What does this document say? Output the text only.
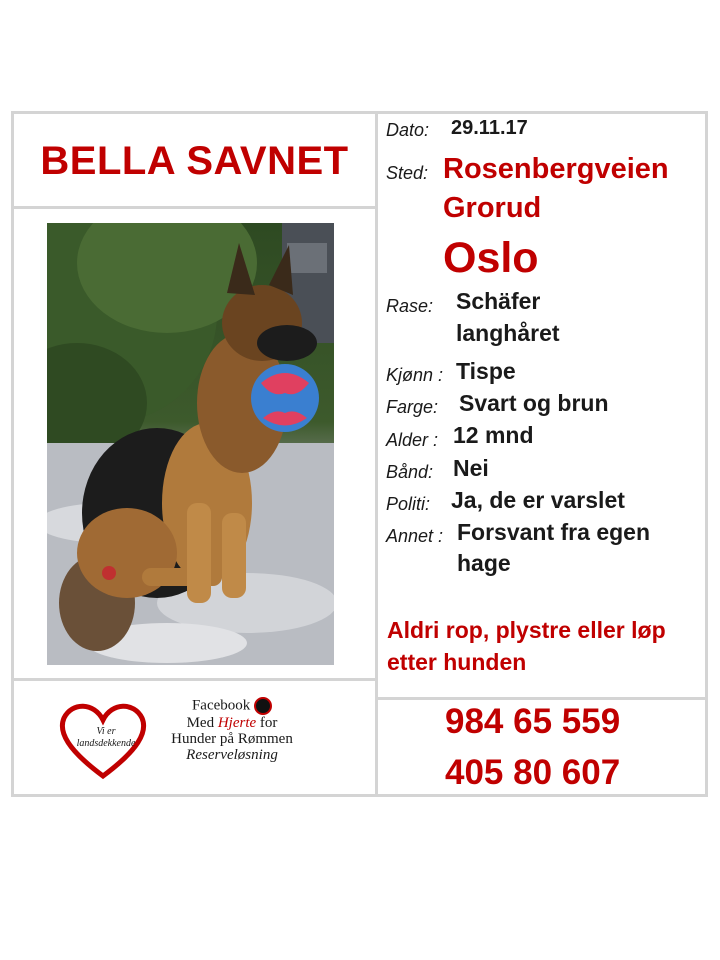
BELLA SAVNET
Dato: 29.11.17
Sted: Rosenbergveien
Grorud
Oslo
Rase: Schäfer
langhåret
Kjønn : Tispe
Farge: Svart og brun
Alder : 12 mnd
Bånd: Nei
Politi: Ja, de er varslet
Annet : Forsvant fra egen
hage
Aldri rop, plystre eller løp
etter hunden
984 65 559
405 80 607
Vi er
landsdekkende
Facebook
Med Hjerte for
Hunder på Rømmen
Reserveløsning
